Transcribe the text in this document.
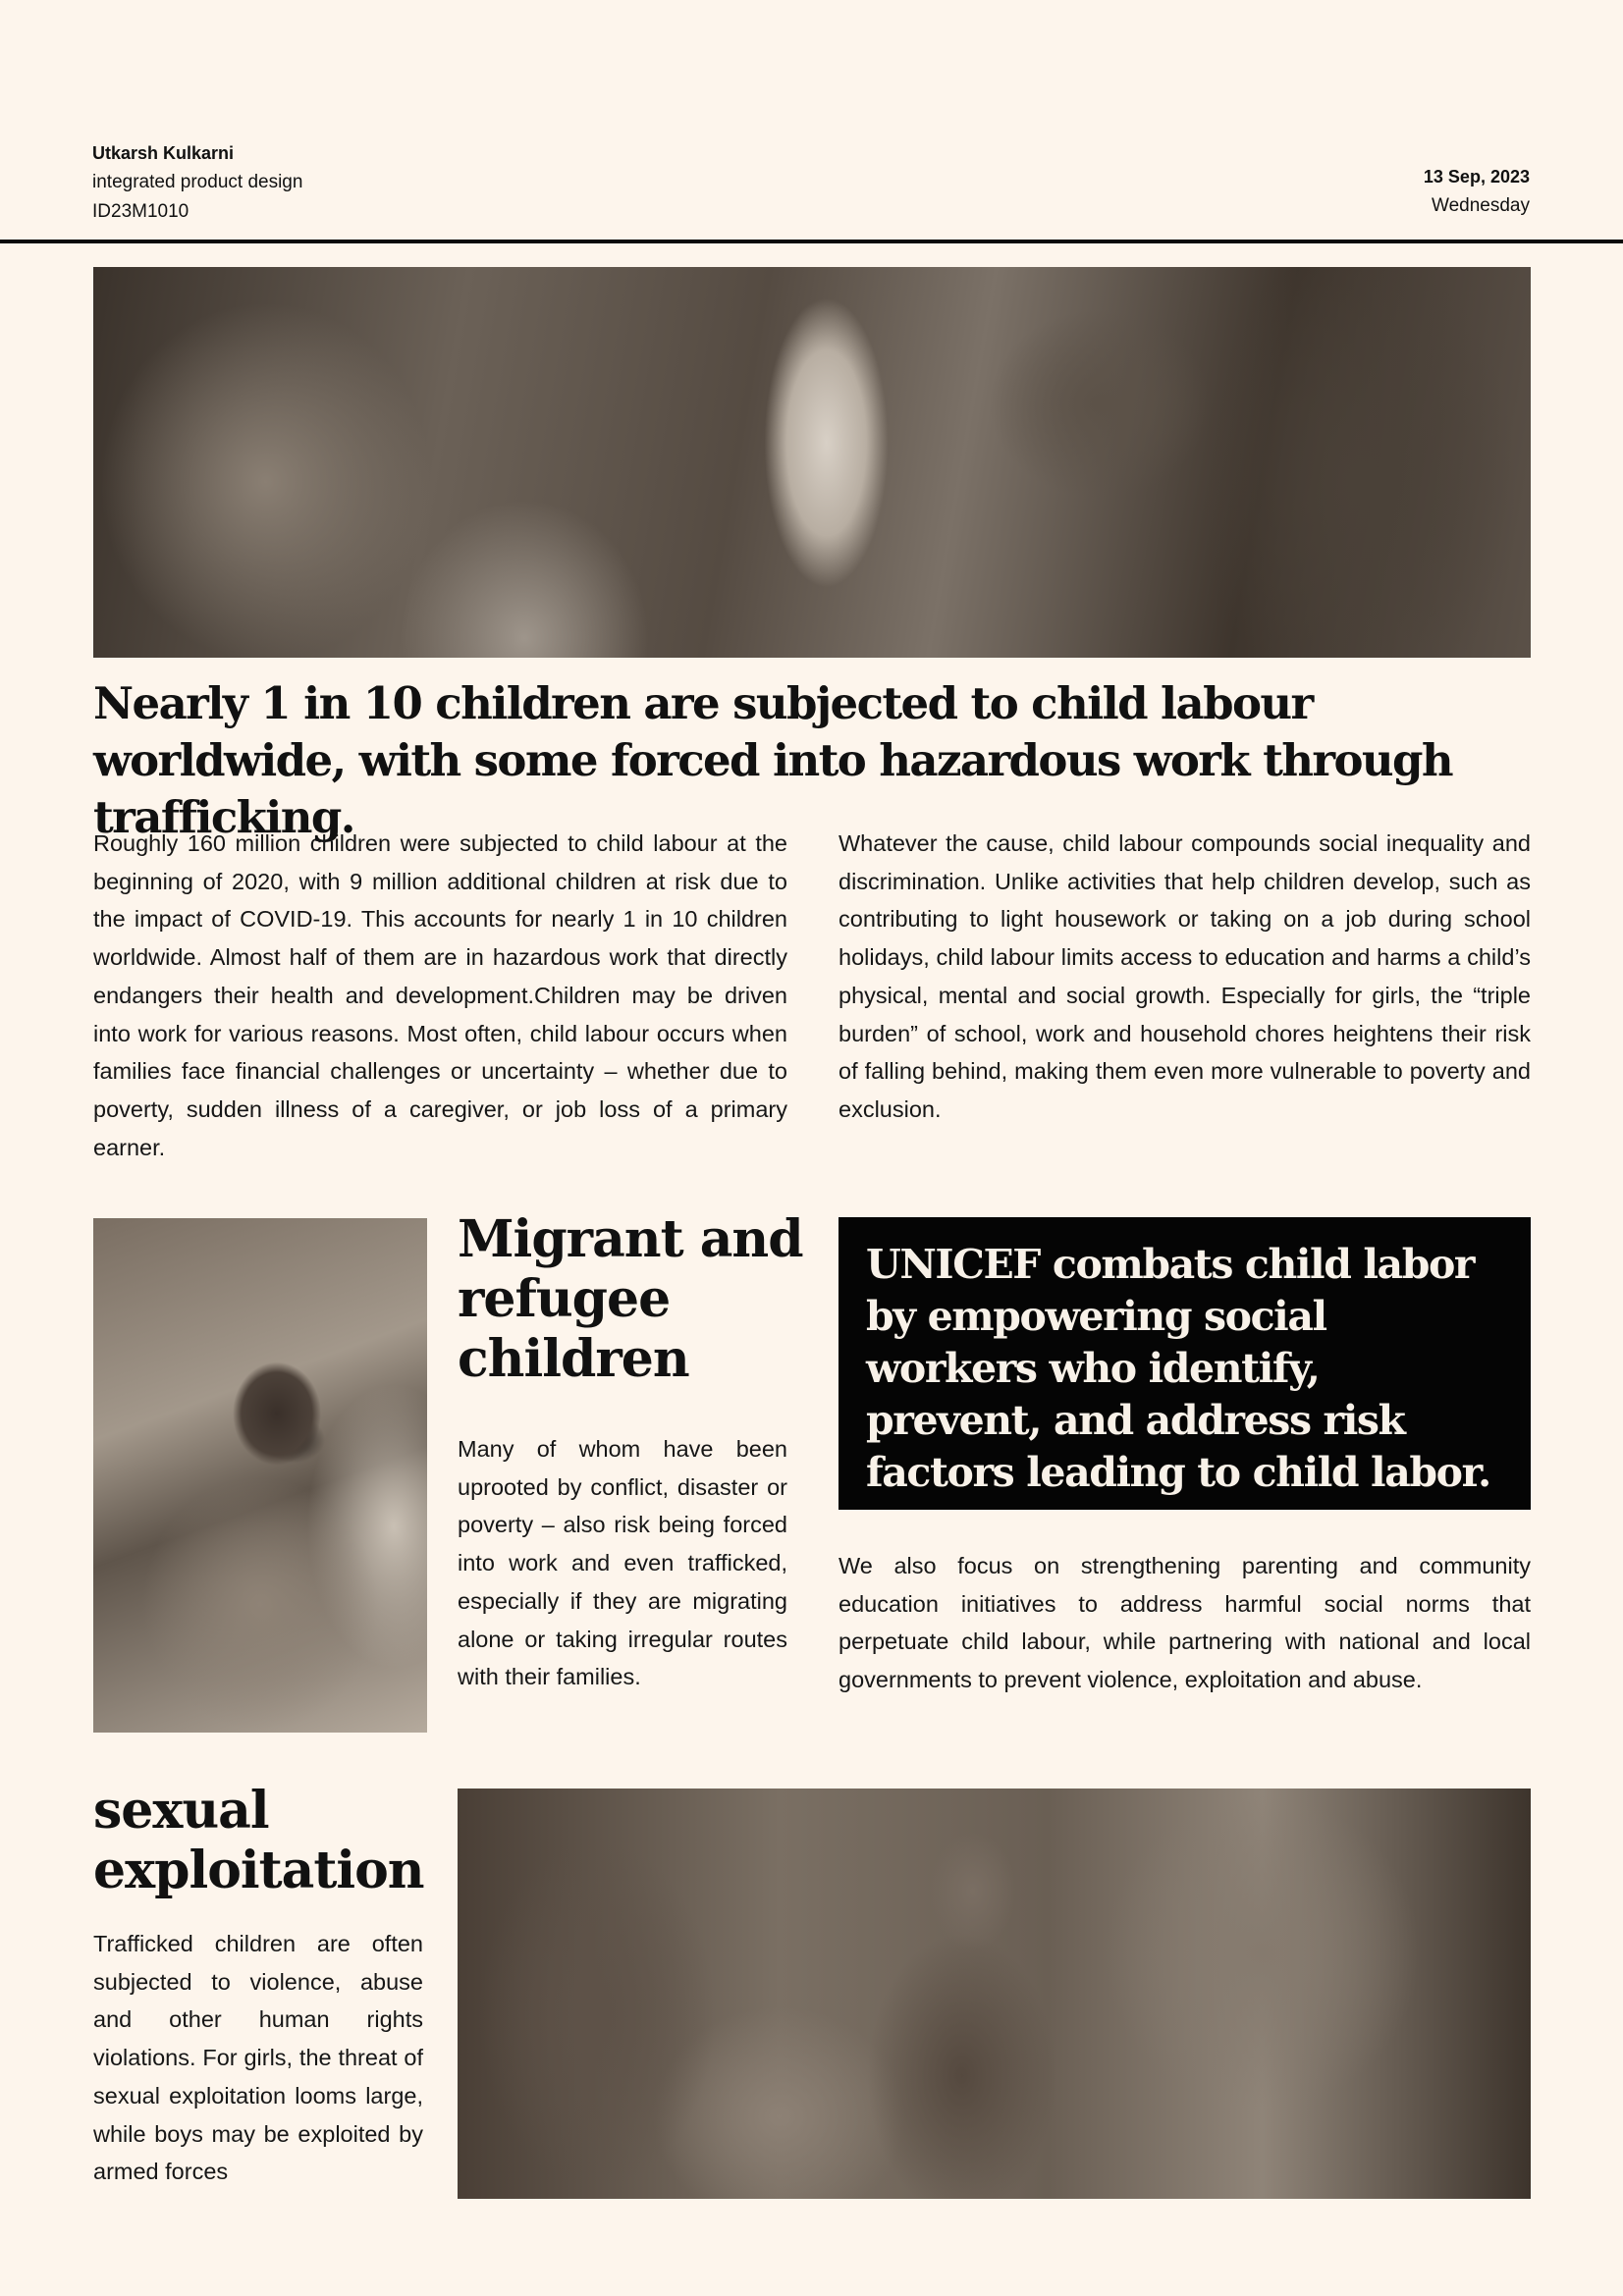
Utkarsh Kulkarni
integrated product design
ID23M1010
13 Sep, 2023
Wednesday
Nearly 1 in 10 children are subjected to child labour worldwide, with some forced into hazardous work through trafficking.

Roughly 160 million children were subjected to child labour at the beginning of 2020, with 9 million additional children at risk due to the impact of COVID-19. This accounts for nearly 1 in 10 children worldwide. Almost half of them are in hazardous work that directly endangers their health and development.Children may be driven into work for various reasons. Most often, child labour occurs when families face financial challenges or uncertainty – whether due to poverty, sudden illness of a caregiver, or job loss of a primary earner.

Whatever the cause, child labour compounds social inequality and discrimination. Unlike activities that help children develop, such as contributing to light housework or taking on a job during school holidays, child labour limits access to education and harms a child’s physical, mental and social growth. Especially for girls, the “triple burden” of school, work and household chores heightens their risk of falling behind, making them even more vulnerable to poverty and exclusion.

Migrant and refugee children

Many of whom have been uprooted by conflict, disaster or poverty – also risk being forced into work and even trafficked, especially if they are migrating alone or taking irregular routes with their families.

UNICEF combats child labor by empowering social workers who identify, prevent, and address risk factors leading to child labor.

We also focus on strengthening parenting and community education initiatives to address harmful social norms that perpetuate child labour, while partnering with national and local governments to prevent violence, exploitation and abuse.

sexual exploitation

Trafficked children are often subjected to violence, abuse and other human rights violations. For girls, the threat of sexual exploitation looms large, while boys may be exploited by armed forces
